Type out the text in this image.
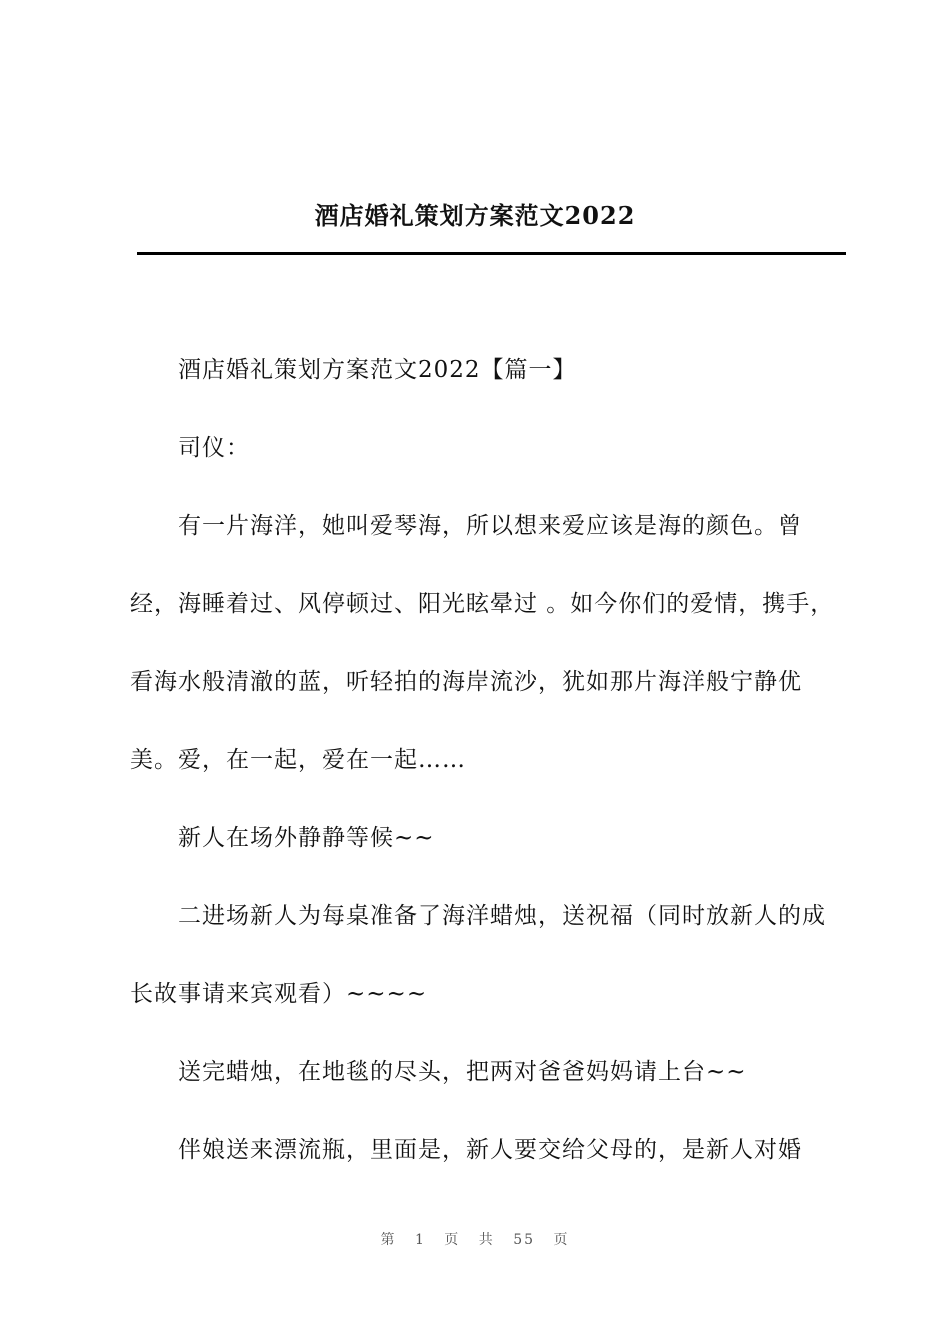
酒店婚礼策划方案范文2022

酒店婚礼策划方案范文2022【篇一】

司仪：

有一片海洋，她叫爱琴海，所以想来爱应该是海的颜色。曾经，海睡着过、风停顿过、阳光眩晕过 。如今你们的爱情，携手，看海水般清澈的蓝，听轻拍的海岸流沙，犹如那片海洋般宁静优美。爱，在一起，爱在一起……

新人在场外静静等候~~

二进场新人为每桌准备了海洋蜡烛，送祝福（同时放新人的成长故事请来宾观看）~~~~

送完蜡烛，在地毯的尽头，把两对爸爸妈妈请上台~~

伴娘送来漂流瓶，里面是，新人要交给父母的，是新人对婚

第 1 页 共 55 页
